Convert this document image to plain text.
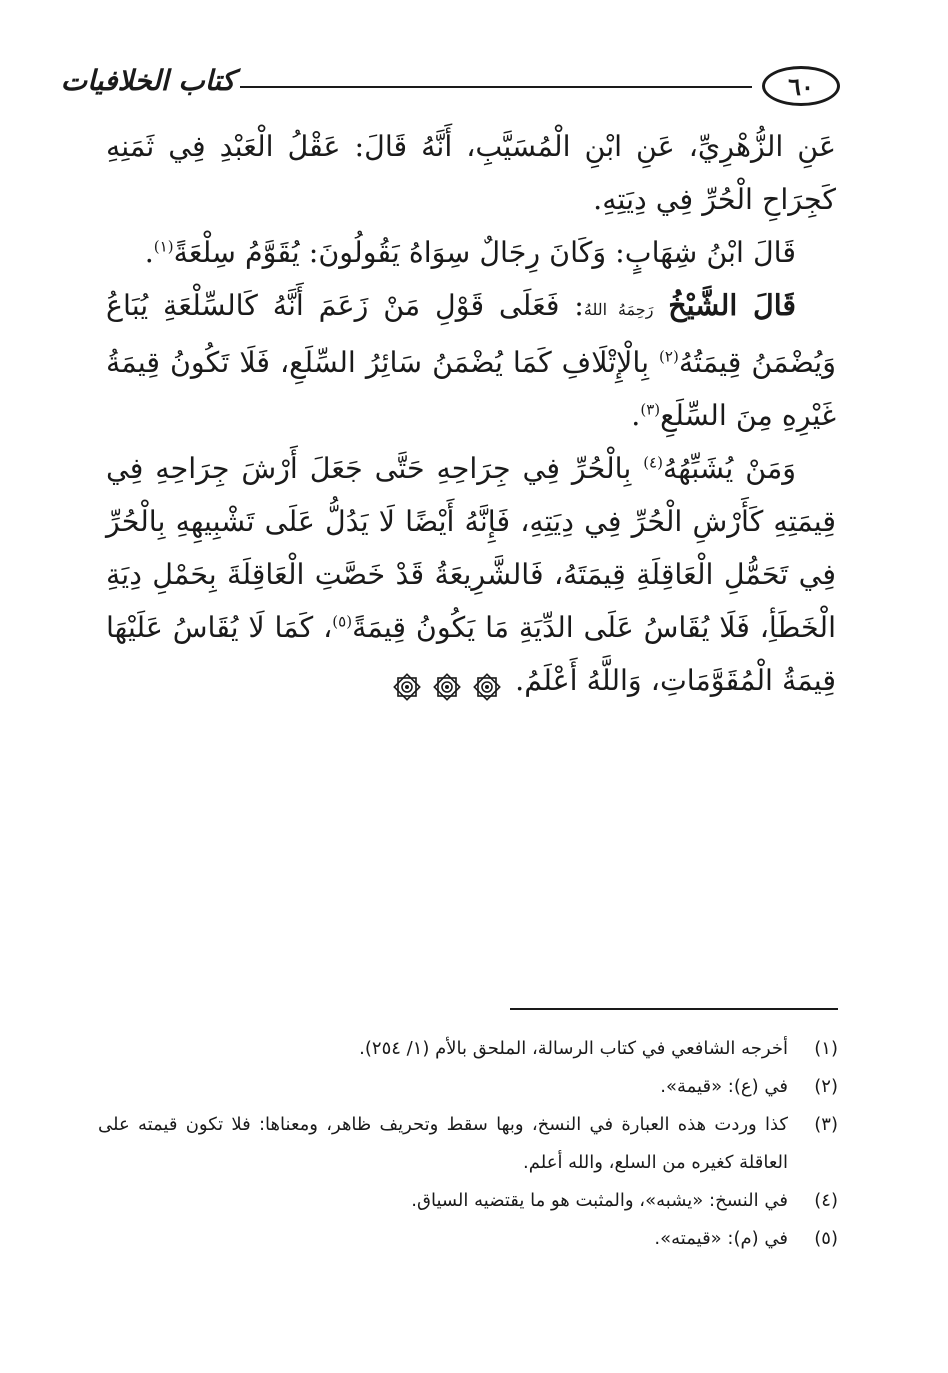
٦٠
كتاب الخلافيات

عَنِ الزُّهْرِيِّ، عَنِ ابْنِ الْمُسَيَّبِ، أَنَّهُ قَالَ: عَقْلُ الْعَبْدِ فِي ثَمَنِهِ كَجِرَاحِ الْحُرِّ فِي دِيَتِهِ.

قَالَ ابْنُ شِهَابٍ: وَكَانَ رِجَالٌ سِوَاهُ يَقُولُونَ: يُقَوَّمُ سِلْعَةً$^{(١)}$.

قَالَ الشَّيْخُ رَحِمَهُ اللهُ: فَعَلَى قَوْلِ مَنْ زَعَمَ أَنَّهُ كَالسِّلْعَةِ يُبَاعُ وَيُضْمَنُ قِيمَتُهُ$^{(٢)}$ بِالْإِتْلَافِ كَمَا يُضْمَنُ سَائِرُ السِّلَعِ، فَلَا تَكُونُ قِيمَةُ غَيْرِهِ مِنَ السِّلَعِ$^{(٣)}$.

وَمَنْ يُشَبِّهُهُ$^{(٤)}$ بِالْحُرِّ فِي جِرَاحِهِ حَتَّى جَعَلَ أَرْشَ جِرَاحِهِ فِي قِيمَتِهِ كَأَرْشِ الْحُرِّ فِي دِيَتِهِ، فَإِنَّهُ أَيْضًا لَا يَدُلُّ عَلَى تَشْبِيهِهِ بِالْحُرِّ فِي تَحَمُّلِ الْعَاقِلَةِ قِيمَتَهُ، فَالشَّرِيعَةُ قَدْ خَصَّتِ الْعَاقِلَةَ بِحَمْلِ دِيَةِ الْخَطَأِ، فَلَا يُقَاسُ عَلَى الدِّيَةِ مَا يَكُونُ قِيمَةً$^{(٥)}$، كَمَا لَا يُقَاسُ عَلَيْهَا قِيمَةُ الْمُقَوَّمَاتِ، وَاللَّهُ أَعْلَمُ.

(١)
أخرجه الشافعي في كتاب الرسالة، الملحق بالأم (١/ ٢٥٤).
(٢)
في (ع): «قيمة».
(٣)
كذا وردت هذه العبارة في النسخ، وبها سقط وتحريف ظاهر، ومعناها: فلا تكون قيمته على العاقلة كغيره من السلع، والله أعلم.
(٤)
في النسخ: «يشبه»، والمثبت هو ما يقتضيه السياق.
(٥)
في (م): «قيمته».
